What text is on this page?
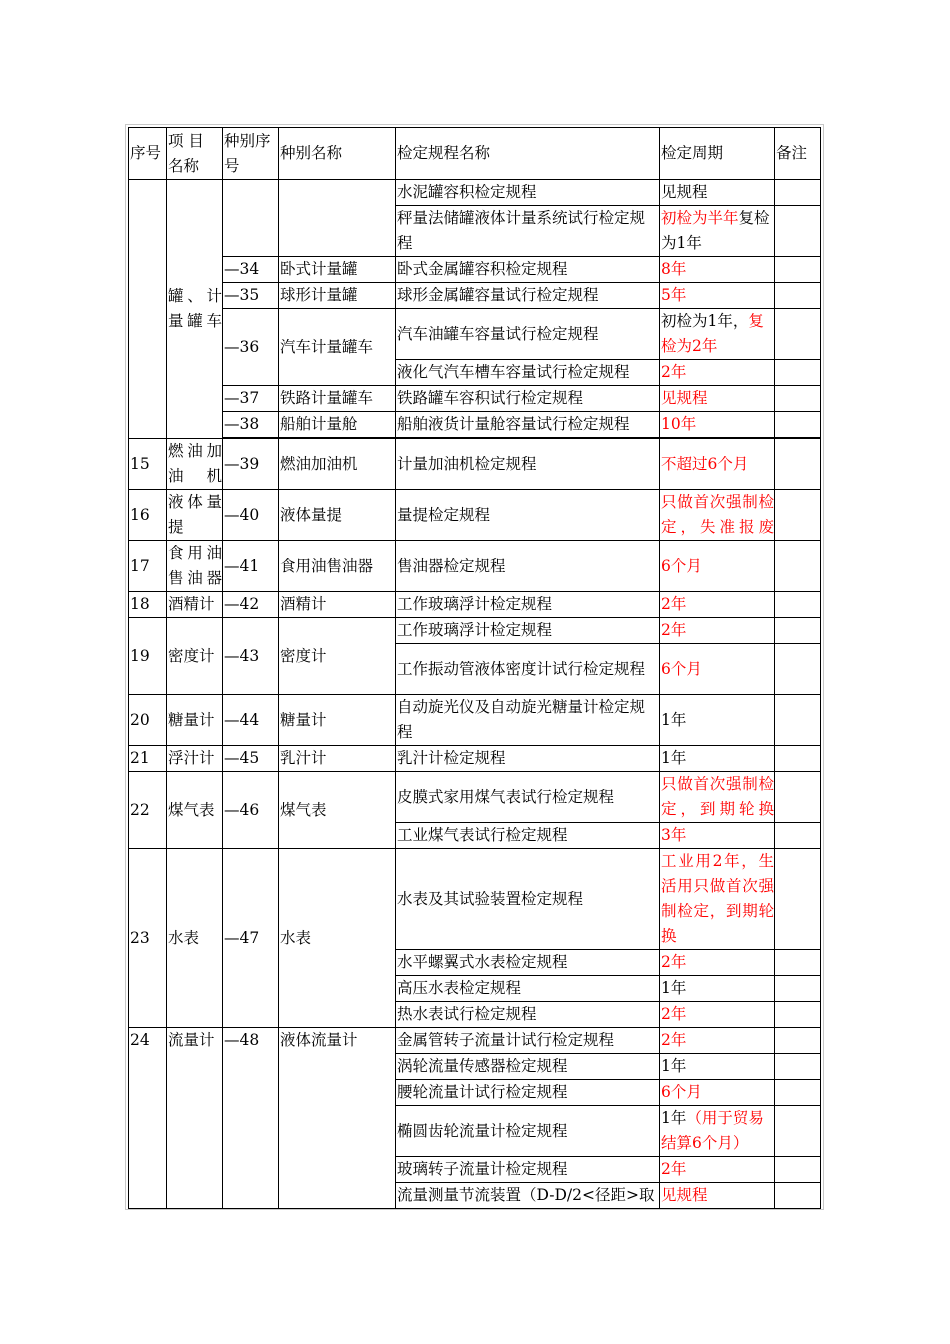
序号	项 目 名称	种别序号	种别名称	检定规程名称	检定周期	备注
	罐、计量罐车			水泥罐容积检定规程	见规程	
				秤量法储罐液体计量系统试行检定规程	初检为半年复检为1年	
		—34	卧式计量罐	卧式金属罐容积检定规程	8年	
		—35	球形计量罐	球形金属罐容量试行检定规程	5年	
		—36	汽车计量罐车	汽车油罐车容量试行检定规程	初检为1年，复检为2年	
				液化气汽车槽车容量试行检定规程	2年	
		—37	铁路计量罐车	铁路罐车容积试行检定规程	见规程	
		—38	船舶计量舱	船舶液货计量舱容量试行检定规程	10年	

15	燃油加油机	—39	燃油加油机	计量加油机检定规程	不超过6个月	
16	液体量提	—40	液体量提	量提检定规程	只做首次强制检定，失准报废	
17	食用油售油器	—41	食用油售油器	售油器检定规程	6个月	
18	酒精计	—42	酒精计	工作玻璃浮计检定规程	2年	
19	密度计	—43	密度计	工作玻璃浮计检定规程	2年	
				工作振动管液体密度计试行检定规程	6个月	
20	糖量计	—44	糖量计	自动旋光仪及自动旋光糖量计检定规程	1年	
21	浮汁计	—45	乳汁计	乳汁计检定规程	1年	
22	煤气表	—46	煤气表	皮膜式家用煤气表试行检定规程	只做首次强制检定，到期轮换	
				工业煤气表试行检定规程	3年	
23	水表	—47	水表	水表及其试验装置检定规程	工业用2年，生活用只做首次强制检定，到期轮换	
				水平螺翼式水表检定规程	2年	
				高压水表检定规程	1年	
				热水表试行检定规程	2年	
24	流量计	—48	液体流量计	金属管转子流量计试行检定规程	2年	
				涡轮流量传感器检定规程	1年	
				腰轮流量计试行检定规程	6个月	
				椭圆齿轮流量计检定规程	1年（用于贸易结算6个月）	
				玻璃转子流量计检定规程	2年	
				流量测量节流装置（D-D/2<径距>取	见规程	
